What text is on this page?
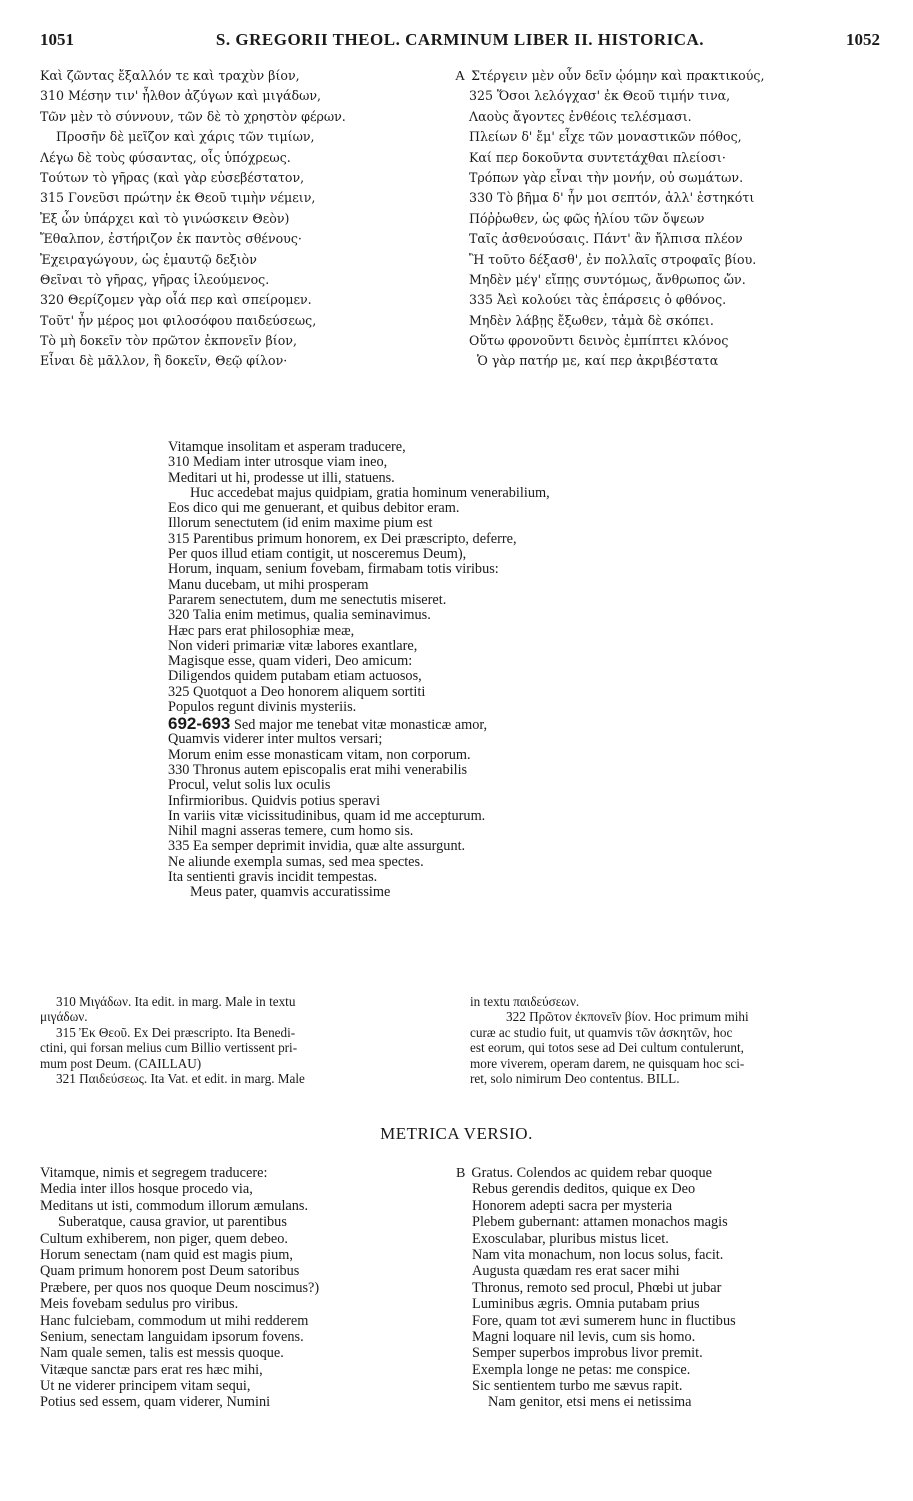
1051	S. GREGORII THEOL. CARMINUM LIBER II. HISTORICA.	1052
Καὶ ζῶντας ἔξαλλόν τε καὶ τραχὺν βίον,
310 Μέσην τιν' ἦλθον ἀζύγων καὶ μιγάδων,
Τῶν μὲν τὸ σύννουν, τῶν δὲ τὸ χρηστὸν φέρων.
Προσῆν δὲ μεῖζον καὶ χάρις τῶν τιμίων,
Λέγω δὲ τοὺς φύσαντας, οἷς ὑπόχρεως.
Τούτων τὸ γῆρας (καὶ γὰρ εὐσεβέστατον,
315 Γονεῦσι πρώτην ἐκ Θεοῦ τιμὴν νέμειν,
Ἐξ ὧν ὑπάρχει καὶ τὸ γινώσκειν Θεὸν)
Ἔθαλπον, ἐστήριζον ἐκ παντὸς σθένους·
Ἐχειραγώγουν, ὡς ἐμαυτῷ δεξιὸν
Θεῖναι τὸ γῆρας, γῆρας ἱλεούμενος.
320 Θερίζομεν γὰρ οἷά περ καὶ σπείρομεν.
Τοῦτ' ἦν μέρος μοι φιλοσόφου παιδεύσεως,
Τὸ μὴ δοκεῖν τὸν πρῶτον ἐκπονεῖν βίον,
Εἶναι δὲ μᾶλλον, ἢ δοκεῖν, Θεῷ φίλον·
A Στέργειν μὲν οὖν δεῖν ᾠόμην καὶ πρακτικούς,
325 Ὅσοι λελόγχασ' ἐκ Θεοῦ τιμήν τινα,
Λαοὺς ἄγοντες ἐνθέοις τελέσμασι.
Πλείων δ' ἔμ' εἶχε τῶν μοναστικῶν πόθος,
Καί περ δοκοῦντα συντετάχθαι πλείοσι·
Τρόπων γὰρ εἶναι τὴν μονήν, οὐ σωμάτων.
330 Τὸ βῆμα δ' ἦν μοι σεπτόν, ἀλλ' ἑστηκότι
Πόῤῥωθεν, ὡς φῶς ἡλίου τῶν ὄψεων
Ταῖς ἀσθενούσαις. Πάντ' ἂν ἤλπισα πλέον
Ἢ τοῦτο δέξασθ', ἐν πολλαῖς στροφαῖς βίου.
Μηδὲν μέγ' εἴπῃς συντόμως, ἄνθρωπος ὤν.
335 Ἀεὶ κολούει τὰς ἐπάρσεις ὁ φθόνος.
Μηδὲν λάβῃς ἔξωθεν, τἀμὰ δὲ σκόπει.
Οὕτω φρονοῦντι δεινὸς ἐμπίπτει κλόνος
Ὁ γὰρ πατήρ με, καί περ ἀκριβέστατα
Vitamque insolitam et asperam traducere,
310 Mediam inter utrosque viam ineo,
Meditari ut hi, prodesse ut illi, statuens.
Huc accedebat majus quidpiam, gratia hominum venerabilium,
Eos dico qui me genuerant, et quibus debitor eram.
Illorum senectutem (id enim maxime pium est
315 Parentibus primum honorem, ex Dei præscripto, deferre,
Per quos illud etiam contigit, ut nosceremus Deum),
Horum, inquam, senium fovebam, firmabam totis viribus:
Manu ducebam, ut mihi prosperam
Pararem senectutem, dum me senectutis miseret.
320 Talia enim metimus, qualia seminavimus.
Hæc pars erat philosophiæ meæ,
Non videri primariæ vitæ labores exantlare,
Magisque esse, quam videri, Deo amicum:
Diligendos quidem putabam etiam actuosos,
325 Quotquot a Deo honorem aliquem sortiti
Populos regunt divinis mysteriis.
692-693 Sed major me tenebat vitæ monasticæ amor,
Quamvis viderer inter multos versari;
Morum enim esse monasticam vitam, non corporum.
330 Thronus autem episcopalis erat mihi venerabilis
Procul, velut solis lux oculis
Infirmioribus. Quidvis potius speravi
In variis vitæ vicissitudinibus, quam id me accepturum.
Nihil magni asseras temere, cum homo sis.
335 Ea semper deprimit invidia, quæ alte assurgunt.
Ne aliunde exempla sumas, sed mea spectes.
Ita sentienti gravis incidit tempestas.
Meus pater, quamvis accuratissime
310 Μιγάδων. Ita edit. in marg. Male in textu
μιγάδων.
315 Ἐκ Θεοῦ. Ex Dei præscripto. Ita Benedi-
ctini, qui forsan melius cum Billio vertissent pri-
mum post Deum. (CAILLAU)
321 Παιδεύσεως. Ita Vat. et edit. in marg. Male
in textu παιδεύσεων.
322 Πρῶτον ἐκπονεῖν βίον. Hoc primum mihi
curæ ac studio fuit, ut quamvis τῶν ἀσκητῶν, hoc
est eorum, qui totos sese ad Dei cultum contulerunt,
more viverem, operam darem, ne quisquam hoc sci-
ret, solo nimirum Deo contentus. BILL.
METRICA VERSIO.
Vitamque, nimis et segregem traducere:
Media inter illos hosque procedo via,
Meditans ut isti, commodum illorum æmulans.
Suberatque, causa gravior, ut parentibus
Cultum exhiberem, non piger, quem debeo.
Horum senectam (nam quid est magis pium,
Quam primum honorem post Deum satoribus
Præbere, per quos nos quoque Deum noscimus?)
Meis fovebam sedulus pro viribus.
Hanc fulciebam, commodum ut mihi redderem
Senium, senectam languidam ipsorum fovens.
Nam quale semen, talis est messis quoque.
Vitæque sanctæ pars erat res hæc mihi,
Ut ne viderer principem vitam sequi,
Potius sed essem, quam viderer, Numini
B Gratus. Colendos ac quidem rebar quoque
Rebus gerendis deditos, quique ex Deo
Honorem adepti sacra per mysteria
Plebem gubernant: attamen monachos magis
Exosculabar, pluribus mistus licet.
Nam vita monachum, non locus solus, facit.
Augusta quædam res erat sacer mihi
Thronus, remoto sed procul, Phœbi ut jubar
Luminibus ægris. Omnia putabam prius
Fore, quam tot ævi sumerem hunc in fluctibus
Magni loquare nil levis, cum sis homo.
Semper superbos improbus livor premit.
Exempla longe ne petas: me conspice.
Sic sentientem turbo me sævus rapit.
Nam genitor, etsi mens ei netissima
